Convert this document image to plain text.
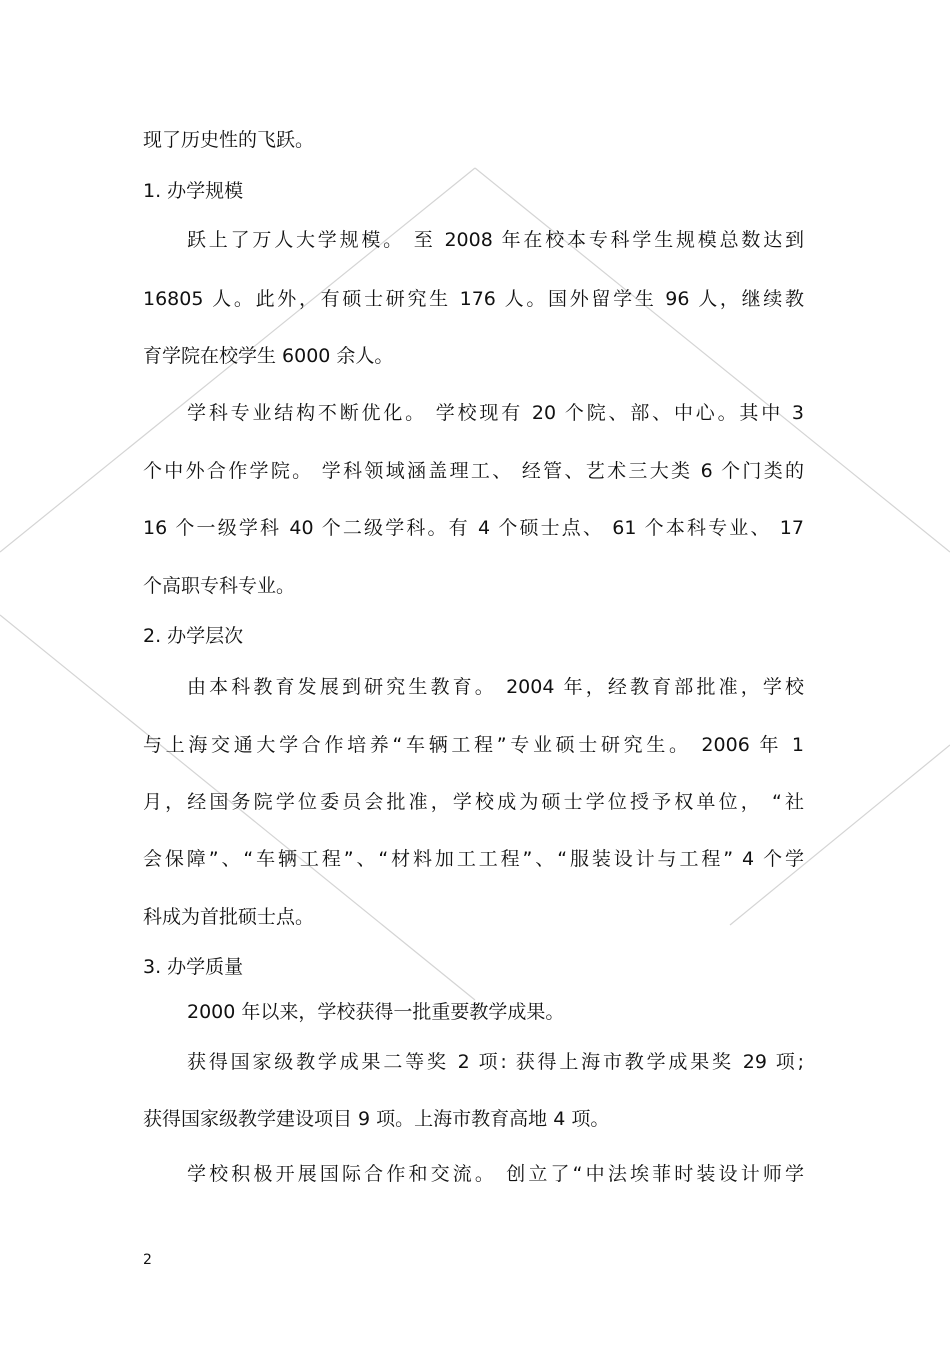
现了历史性的飞跃。
1. 办学规模
跃上了万人大学规模。 至 2008 年在校本专科学生规模总数达到
16805 人。此外，有硕士研究生 176 人。国外留学生 96 人，继续教
育学院在校学生 6000 余人。
学科专业结构不断优化。 学校现有 20 个院、部、中心。其中 3
个中外合作学院。 学科领域涵盖理工、 经管、艺术三大类 6 个门类的
16 个一级学科 40 个二级学科。有 4 个硕士点、 61 个本科专业、 17
个高职专科专业。
2. 办学层次
由本科教育发展到研究生教育。 2004 年，经教育部批准，学校
与上海交通大学合作培养“车辆工程”专业硕士研究生。 2006 年 1
月，经国务院学位委员会批准，学校成为硕士学位授予权单位， “社
会保障”、“车辆工程”、“材料加工工程”、“服装设计与工程” 4 个学
科成为首批硕士点。
3. 办学质量
2000 年以来，学校获得一批重要教学成果。
获得国家级教学成果二等奖 2 项: 获得上海市教学成果奖 29 项;
获得国家级教学建设项目 9 项。上海市教育高地 4 项。
学校积极开展国际合作和交流。 创立了“中法埃菲时装设计师学
2
